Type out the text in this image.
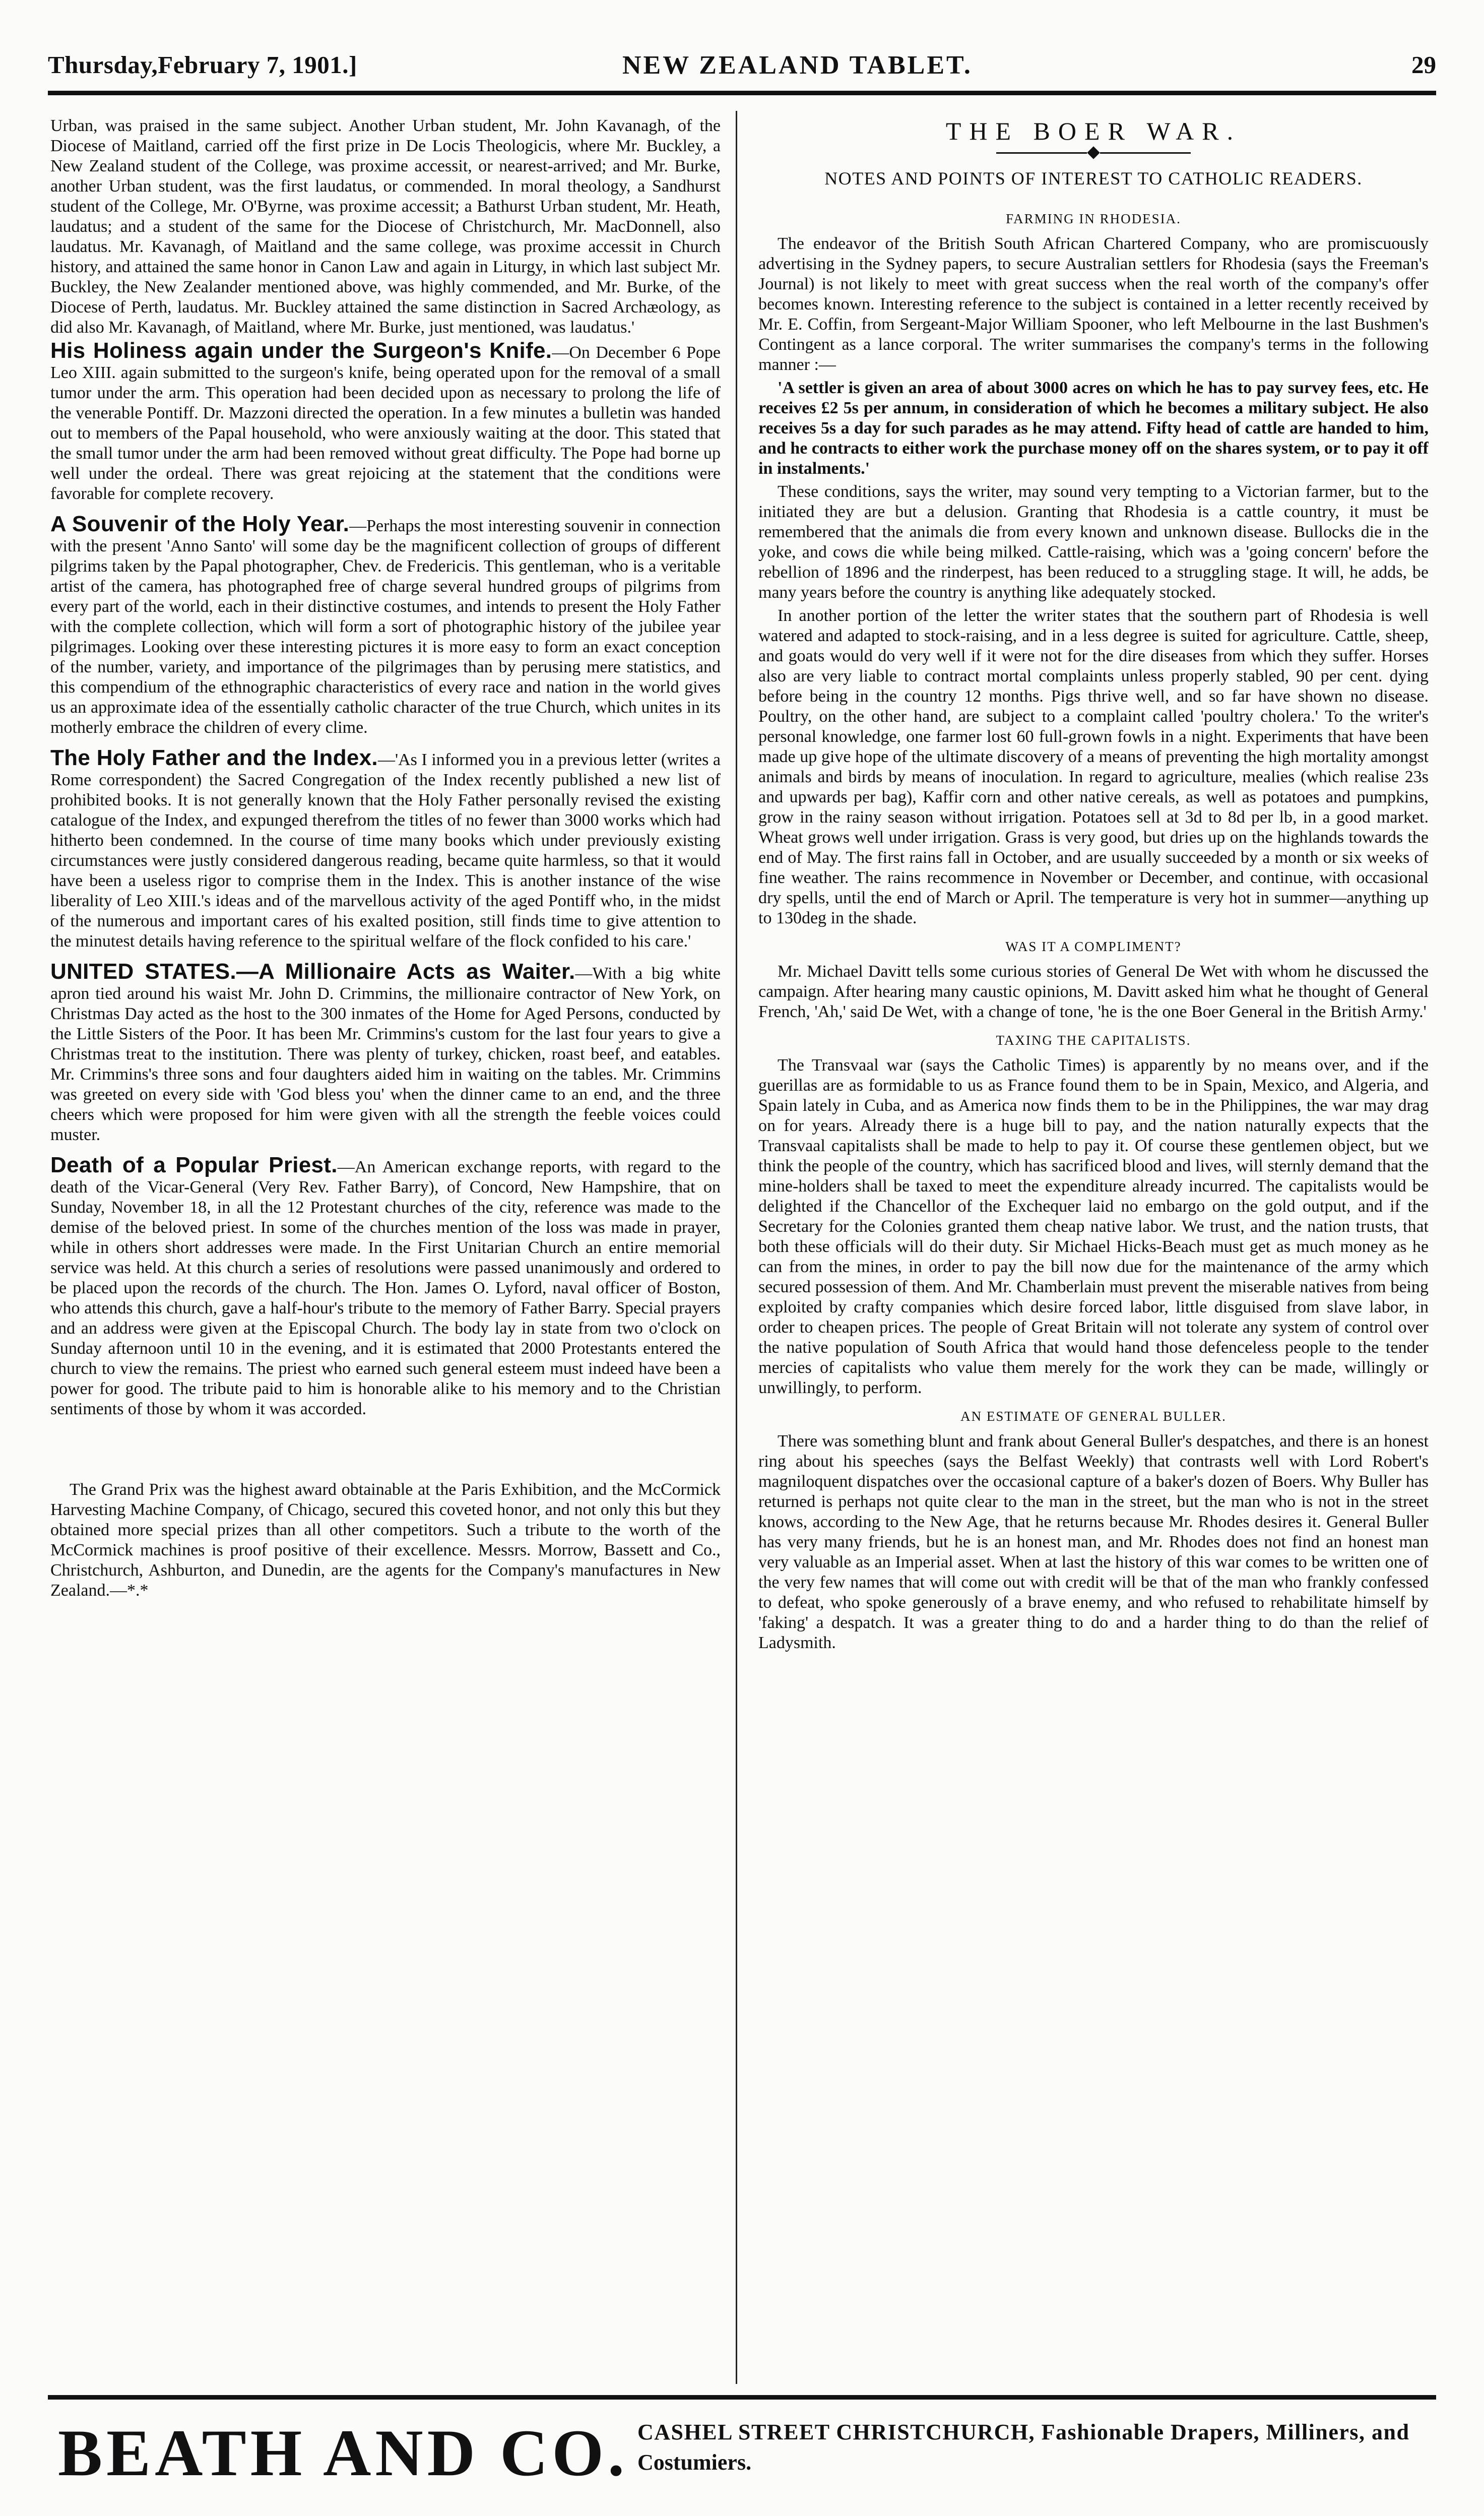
Thursday,February 7, 1901.]	NEW ZEALAND TABLET.	29

Urban, was praised in the same subject. Another Urban student, Mr. John Kavanagh, of the Diocese of Maitland, carried off the first prize in De Locis Theologicis, where Mr. Buckley, a New Zealand student of the College, was proxime accessit, or nearest-arrived; and Mr. Burke, another Urban student, was the first laudatus, or commended. In moral theology, a Sandhurst student of the College, Mr. O'Byrne, was proxime accessit; a Bathurst Urban student, Mr. Heath, laudatus; and a student of the same for the Diocese of Christchurch, Mr. MacDonnell, also laudatus. Mr. Kavanagh, of Maitland and the same college, was proxime accessit in Church history, and attained the same honor in Canon Law and again in Liturgy, in which last subject Mr. Buckley, the New Zealander mentioned above, was highly commended, and Mr. Burke, of the Diocese of Perth, laudatus. Mr. Buckley attained the same distinction in Sacred Archæology, as did also Mr. Kavanagh, of Maitland, where Mr. Burke, just mentioned, was laudatus.'

His Holiness again under the Surgeon's Knife.—On December 6 Pope Leo XIII. again submitted to the surgeon's knife, being operated upon for the removal of a small tumor under the arm. This operation had been decided upon as necessary to prolong the life of the venerable Pontiff. Dr. Mazzoni directed the operation. In a few minutes a bulletin was handed out to members of the Papal household, who were anxiously waiting at the door. This stated that the small tumor under the arm had been removed without great difficulty. The Pope had borne up well under the ordeal. There was great rejoicing at the statement that the conditions were favorable for complete recovery.

A Souvenir of the Holy Year.—Perhaps the most interesting souvenir in connection with the present 'Anno Santo' will some day be the magnificent collection of groups of different pilgrims taken by the Papal photographer, Chev. de Fredericis. This gentleman, who is a veritable artist of the camera, has photographed free of charge several hundred groups of pilgrims from every part of the world, each in their distinctive costumes, and intends to present the Holy Father with the complete collection, which will form a sort of photographic history of the jubilee year pilgrimages. Looking over these interesting pictures it is more easy to form an exact conception of the number, variety, and importance of the pilgrimages than by perusing mere statistics, and this compendium of the ethnographic characteristics of every race and nation in the world gives us an approximate idea of the essentially catholic character of the true Church, which unites in its motherly embrace the children of every clime.

The Holy Father and the Index.—'As I informed you in a previous letter (writes a Rome correspondent) the Sacred Congregation of the Index recently published a new list of prohibited books. It is not generally known that the Holy Father personally revised the existing catalogue of the Index, and expunged therefrom the titles of no fewer than 3000 works which had hitherto been condemned. In the course of time many books which under previously existing circumstances were justly considered dangerous reading, became quite harmless, so that it would have been a useless rigor to comprise them in the Index. This is another instance of the wise liberality of Leo XIII.'s ideas and of the marvellous activity of the aged Pontiff who, in the midst of the numerous and important cares of his exalted position, still finds time to give attention to the minutest details having reference to the spiritual welfare of the flock confided to his care.'

UNITED STATES.—A Millionaire Acts as Waiter.—With a big white apron tied around his waist Mr. John D. Crimmins, the millionaire contractor of New York, on Christmas Day acted as the host to the 300 inmates of the Home for Aged Persons, conducted by the Little Sisters of the Poor. It has been Mr. Crimmins's custom for the last four years to give a Christmas treat to the institution. There was plenty of turkey, chicken, roast beef, and eatables. Mr. Crimmins's three sons and four daughters aided him in waiting on the tables. Mr. Crimmins was greeted on every side with 'God bless you' when the dinner came to an end, and the three cheers which were proposed for him were given with all the strength the feeble voices could muster.

Death of a Popular Priest.—An American exchange reports, with regard to the death of the Vicar-General (Very Rev. Father Barry), of Concord, New Hampshire, that on Sunday, November 18, in all the 12 Protestant churches of the city, reference was made to the demise of the beloved priest. In some of the churches mention of the loss was made in prayer, while in others short addresses were made. In the First Unitarian Church an entire memorial service was held. At this church a series of resolutions were passed unanimously and ordered to be placed upon the records of the church. The Hon. James O. Lyford, naval officer of Boston, who attends this church, gave a half-hour's tribute to the memory of Father Barry. Special prayers and an address were given at the Episcopal Church. The body lay in state from two o'clock on Sunday afternoon until 10 in the evening, and it is estimated that 2000 Protestants entered the church to view the remains. The priest who earned such general esteem must indeed have been a power for good. The tribute paid to him is honorable alike to his memory and to the Christian sentiments of those by whom it was accorded.

The Grand Prix was the highest award obtainable at the Paris Exhibition, and the McCormick Harvesting Machine Company, of Chicago, secured this coveted honor, and not only this but they obtained more special prizes than all other competitors. Such a tribute to the worth of the McCormick machines is proof positive of their excellence. Messrs. Morrow, Bassett and Co., Christchurch, Ashburton, and Dunedin, are the agents for the Company's manufactures in New Zealand.—*.*

THE BOER WAR.

NOTES AND POINTS OF INTEREST TO CATHOLIC READERS.

FARMING IN RHODESIA.

The endeavor of the British South African Chartered Company, who are promiscuously advertising in the Sydney papers, to secure Australian settlers for Rhodesia (says the Freeman's Journal) is not likely to meet with great success when the real worth of the company's offer becomes known. Interesting reference to the subject is contained in a letter recently received by Mr. E. Coffin, from Sergeant-Major William Spooner, who left Melbourne in the last Bushmen's Contingent as a lance corporal. The writer summarises the company's terms in the following manner :—

'A settler is given an area of about 3000 acres on which he has to pay survey fees, etc. He receives £2 5s per annum, in consideration of which he becomes a military subject. He also receives 5s a day for such parades as he may attend. Fifty head of cattle are handed to him, and he contracts to either work the purchase money off on the shares system, or to pay it off in instalments.'

These conditions, says the writer, may sound very tempting to a Victorian farmer, but to the initiated they are but a delusion. Granting that Rhodesia is a cattle country, it must be remembered that the animals die from every known and unknown disease. Bullocks die in the yoke, and cows die while being milked. Cattle-raising, which was a 'going concern' before the rebellion of 1896 and the rinderpest, has been reduced to a struggling stage. It will, he adds, be many years before the country is anything like adequately stocked.

In another portion of the letter the writer states that the southern part of Rhodesia is well watered and adapted to stock-raising, and in a less degree is suited for agriculture. Cattle, sheep, and goats would do very well if it were not for the dire diseases from which they suffer. Horses also are very liable to contract mortal complaints unless properly stabled, 90 per cent. dying before being in the country 12 months. Pigs thrive well, and so far have shown no disease. Poultry, on the other hand, are subject to a complaint called 'poultry cholera.' To the writer's personal knowledge, one farmer lost 60 full-grown fowls in a night. Experiments that have been made up give hope of the ultimate discovery of a means of preventing the high mortality amongst animals and birds by means of inoculation. In regard to agriculture, mealies (which realise 23s and upwards per bag), Kaffir corn and other native cereals, as well as potatoes and pumpkins, grow in the rainy season without irrigation. Potatoes sell at 3d to 8d per lb, in a good market. Wheat grows well under irrigation. Grass is very good, but dries up on the highlands towards the end of May. The first rains fall in October, and are usually succeeded by a month or six weeks of fine weather. The rains recommence in November or December, and continue, with occasional dry spells, until the end of March or April. The temperature is very hot in summer—anything up to 130deg in the shade.

WAS IT A COMPLIMENT?

Mr. Michael Davitt tells some curious stories of General De Wet with whom he discussed the campaign. After hearing many caustic opinions, M. Davitt asked him what he thought of General French, 'Ah,' said De Wet, with a change of tone, 'he is the one Boer General in the British Army.'

TAXING THE CAPITALISTS.

The Transvaal war (says the Catholic Times) is apparently by no means over, and if the guerillas are as formidable to us as France found them to be in Spain, Mexico, and Algeria, and Spain lately in Cuba, and as America now finds them to be in the Philippines, the war may drag on for years. Already there is a huge bill to pay, and the nation naturally expects that the Transvaal capitalists shall be made to help to pay it. Of course these gentlemen object, but we think the people of the country, which has sacrificed blood and lives, will sternly demand that the mine-holders shall be taxed to meet the expenditure already incurred. The capitalists would be delighted if the Chancellor of the Exchequer laid no embargo on the gold output, and if the Secretary for the Colonies granted them cheap native labor. We trust, and the nation trusts, that both these officials will do their duty. Sir Michael Hicks-Beach must get as much money as he can from the mines, in order to pay the bill now due for the maintenance of the army which secured possession of them. And Mr. Chamberlain must prevent the miserable natives from being exploited by crafty companies which desire forced labor, little disguised from slave labor, in order to cheapen prices. The people of Great Britain will not tolerate any system of control over the native population of South Africa that would hand those defenceless people to the tender mercies of capitalists who value them merely for the work they can be made, willingly or unwillingly, to perform.

AN ESTIMATE OF GENERAL BULLER.

There was something blunt and frank about General Buller's despatches, and there is an honest ring about his speeches (says the Belfast Weekly) that contrasts well with Lord Robert's magniloquent dispatches over the occasional capture of a baker's dozen of Boers. Why Buller has returned is perhaps not quite clear to the man in the street, but the man who is not in the street knows, according to the New Age, that he returns because Mr. Rhodes desires it. General Buller has very many friends, but he is an honest man, and Mr. Rhodes does not find an honest man very valuable as an Imperial asset. When at last the history of this war comes to be written one of the very few names that will come out with credit will be that of the man who frankly confessed to defeat, who spoke generously of a brave enemy, and who refused to rehabilitate himself by 'faking' a despatch. It was a greater thing to do and a harder thing to do than the relief of Ladysmith.

BEATH AND CO. CASHEL STREET CHRISTCHURCH, Fashionable Drapers, Milliners, and
Costumiers.
